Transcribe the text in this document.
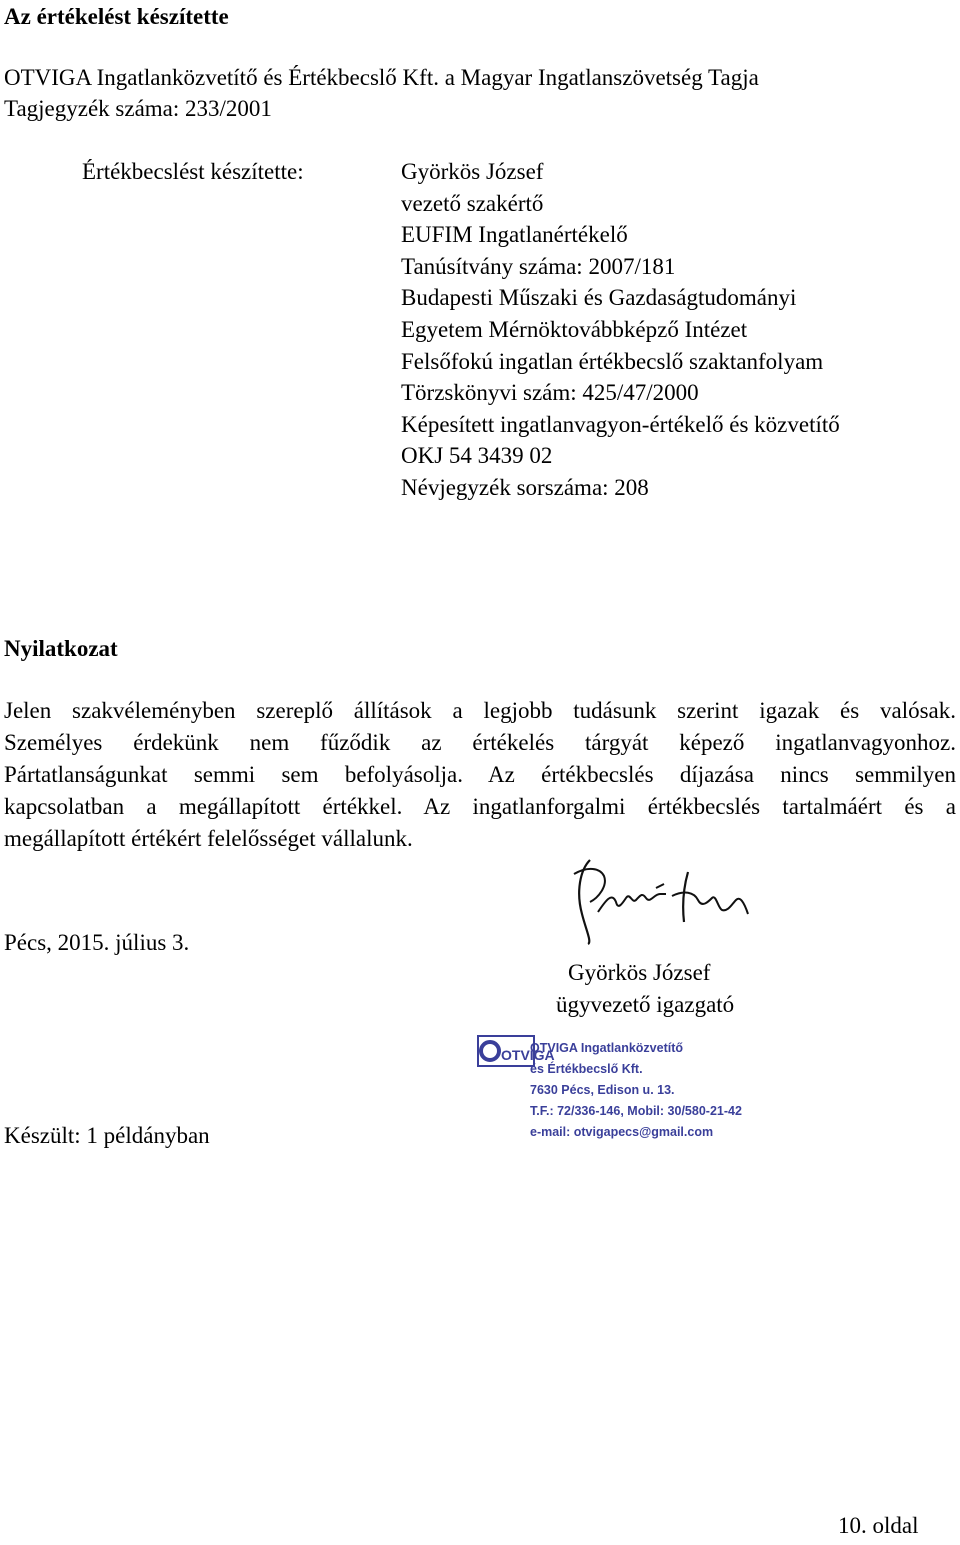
Az értékelést készítette
OTVIGA Ingatlanközvetítő és Értékbecslő Kft. a Magyar Ingatlanszövetség Tagja
Tagjegyzék száma: 233/2001
Értékbecslést készítette:	Györkös József
vezető szakértő
EUFIM Ingatlanértékelő
Tanúsítvány száma: 2007/181
Budapesti Műszaki és Gazdaságtudományi
Egyetem Mérnöktovábbképző Intézet
Felsőfokú ingatlan értékbecslő szaktanfolyam
Törzskönyvi szám: 425/47/2000
Képesített ingatlanvagyon-értékelő és közvetítő
OKJ 54 3439 02
Névjegyzék sorszáma: 208
Nyilatkozat
Jelen szakvéleményben szereplő állítások a legjobb tudásunk szerint igazak és valósak.
Személyes érdekünk nem fűződik az értékelés tárgyát képező ingatlanvagyonhoz.
Pártatlanságunkat semmi sem befolyásolja. Az értékbecslés díjazása nincs semmilyen
kapcsolatban a megállapított értékkel. Az ingatlanforgalmi értékbecslés tartalmáért és a
megállapított értékért felelősséget vállalunk.
Pécs, 2015. július 3.
Györkös József
ügyvezető igazgató
OTVIGA
OTVIGA Ingatlanközvetítő
és Értékbecslő Kft.
7630 Pécs, Edison u. 13.
T.F.: 72/336-146, Mobil: 30/580-21-42
e-mail: otvigapecs@gmail.com
Készült: 1 példányban
10. oldal
